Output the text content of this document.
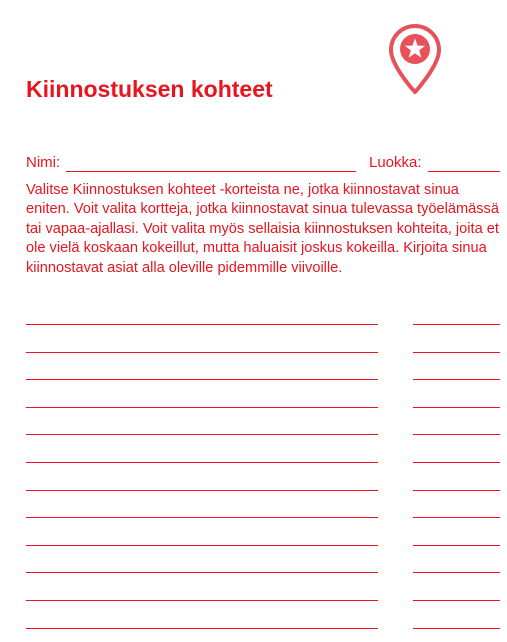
Kiinnostuksen kohteet
Nimi:	Luokka:

Valitse Kiinnostuksen kohteet -korteista ne, jotka kiinnostavat sinua eniten. Voit valita kortteja, jotka kiinnostavat sinua tulevassa työelämässä tai vapaa-ajallasi. Voit valita myös sellaisia kiinnostuksen kohteita, joita et ole vielä koskaan kokeillut, mutta haluaisit joskus kokeilla. Kirjoita sinua kiinnostavat asiat alla oleville pidemmille viivoille.
